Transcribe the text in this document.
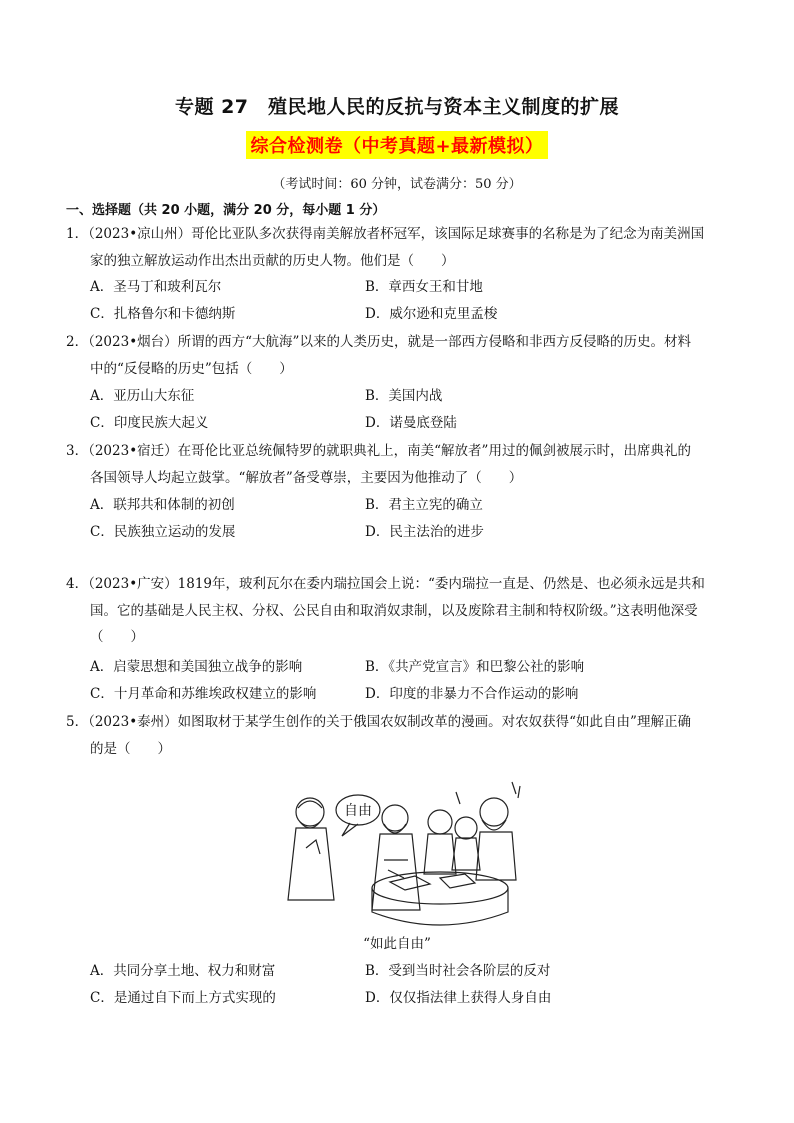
专题 27　殖民地人民的反抗与资本主义制度的扩展
综合检测卷（中考真题+最新模拟）
（考试时间：60 分钟，试卷满分：50 分）
一、选择题（共 20 小题，满分 20 分，每小题 1 分）
1．（2023•凉山州）哥伦比亚队多次获得南美解放者杯冠军，该国际足球赛事的名称是为了纪念为南美洲国
家的独立解放运动作出杰出贡献的历史人物。他们是（　　）
A．圣马丁和玻利瓦尔	B．章西女王和甘地
C．扎格鲁尔和卡德纳斯	D．威尔逊和克里孟梭
2．（2023•烟台）所谓的西方“大航海”以来的人类历史，就是一部西方侵略和非西方反侵略的历史。材料
中的“反侵略的历史”包括（　　）
A．亚历山大东征	B．美国内战
C．印度民族大起义	D．诺曼底登陆
3．（2023•宿迁）在哥伦比亚总统佩特罗的就职典礼上，南美“解放者”用过的佩剑被展示时，出席典礼的
各国领导人均起立鼓掌。“解放者”备受尊崇，主要因为他推动了（　　）
A．联邦共和体制的初创	B．君主立宪的确立
C．民族独立运动的发展	D．民主法治的进步
4．（2023•广安）1819年，玻利瓦尔在委内瑞拉国会上说：“委内瑞拉一直是、仍然是、也必须永远是共和
国。它的基础是人民主权、分权、公民自由和取消奴隶制，以及废除君主制和特权阶级。”这表明他深受
（　　）
A．启蒙思想和美国独立战争的影响	B．《共产党宣言》和巴黎公社的影响
C．十月革命和苏维埃政权建立的影响	D．印度的非暴力不合作运动的影响
5．（2023•泰州）如图取材于某学生创作的关于俄国农奴制改革的漫画。对农奴获得“如此自由”理解正确
的是（　　）
自由
“如此自由”
A．共同分享土地、权力和财富	B．受到当时社会各阶层的反对
C．是通过自下而上方式实现的	D．仅仅指法律上获得人身自由
